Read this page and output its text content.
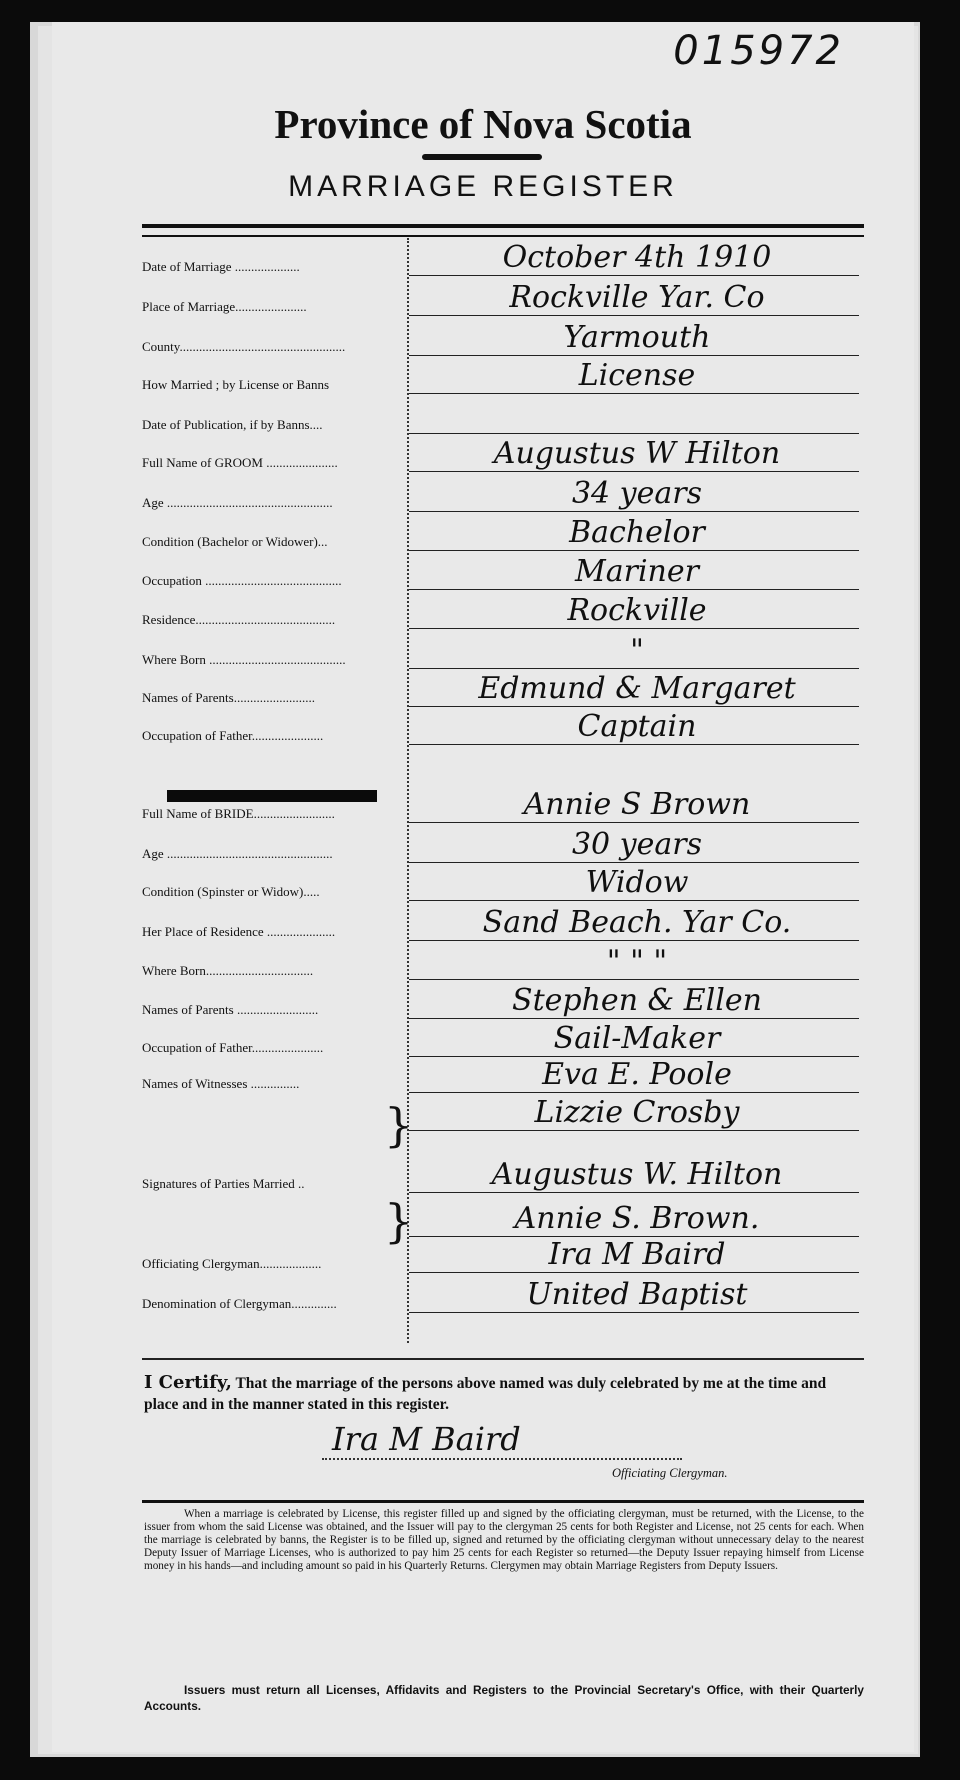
015972
Province of Nova Scotia
MARRIAGE REGISTER
Date of Marriage ....................	October 4th 1910
Place of Marriage......................	Rockville Yar. Co
County...................................................	Yarmouth
How Married ; by License or Banns	License
Date of Publication, if by Banns....
Full Name of GROOM ......................	Augustus W Hilton
Age ...................................................	34 years
Condition (Bachelor or Widower)...	Bachelor
Occupation ..........................................	Mariner
Residence...........................................	Rockville
Where Born ..........................................	"
Names of Parents.........................	Edmund & Margaret
Occupation of Father......................	Captain
Full Name of BRIDE.........................	Annie S Brown
Age ...................................................	30 years
Condition (Spinster or Widow).....	Widow
Her Place of Residence .....................	Sand Beach. Yar Co.
Where Born.................................	" " "
Names of Parents .........................	Stephen & Ellen
Occupation of Father......................	Sail-Maker
Names of Witnesses ...............	Eva E. Poole
Lizzie Crosby
Signatures of Parties Married ..	Augustus W. Hilton
Annie S. Brown.
Officiating Clergyman...................	Ira M Baird
Denomination of Clergyman..............	United Baptist
}
}
I Certify, That the marriage of the persons above named was duly celebrated by me at the time and place and in the manner stated in this register.
Ira M Baird
Officiating Clergyman.
When a marriage is celebrated by License, this register filled up and signed by the officiating clergyman, must be returned, with the License, to the issuer from whom the said License was obtained, and the Issuer will pay to the clergyman 25 cents for both Register and License, not 25 cents for each. When the marriage is celebrated by banns, the Register is to be filled up, signed and returned by the officiating clergyman without unnecessary delay to the nearest Deputy Issuer of Marriage Licenses, who is authorized to pay him 25 cents for each Register so returned—the Deputy Issuer repaying himself from License money in his hands—and including amount so paid in his Quarterly Returns. Clergymen may obtain Marriage Registers from Deputy Issuers.
Issuers must return all Licenses, Affidavits and Registers to the Provincial Secretary's Office, with their Quarterly Accounts.
